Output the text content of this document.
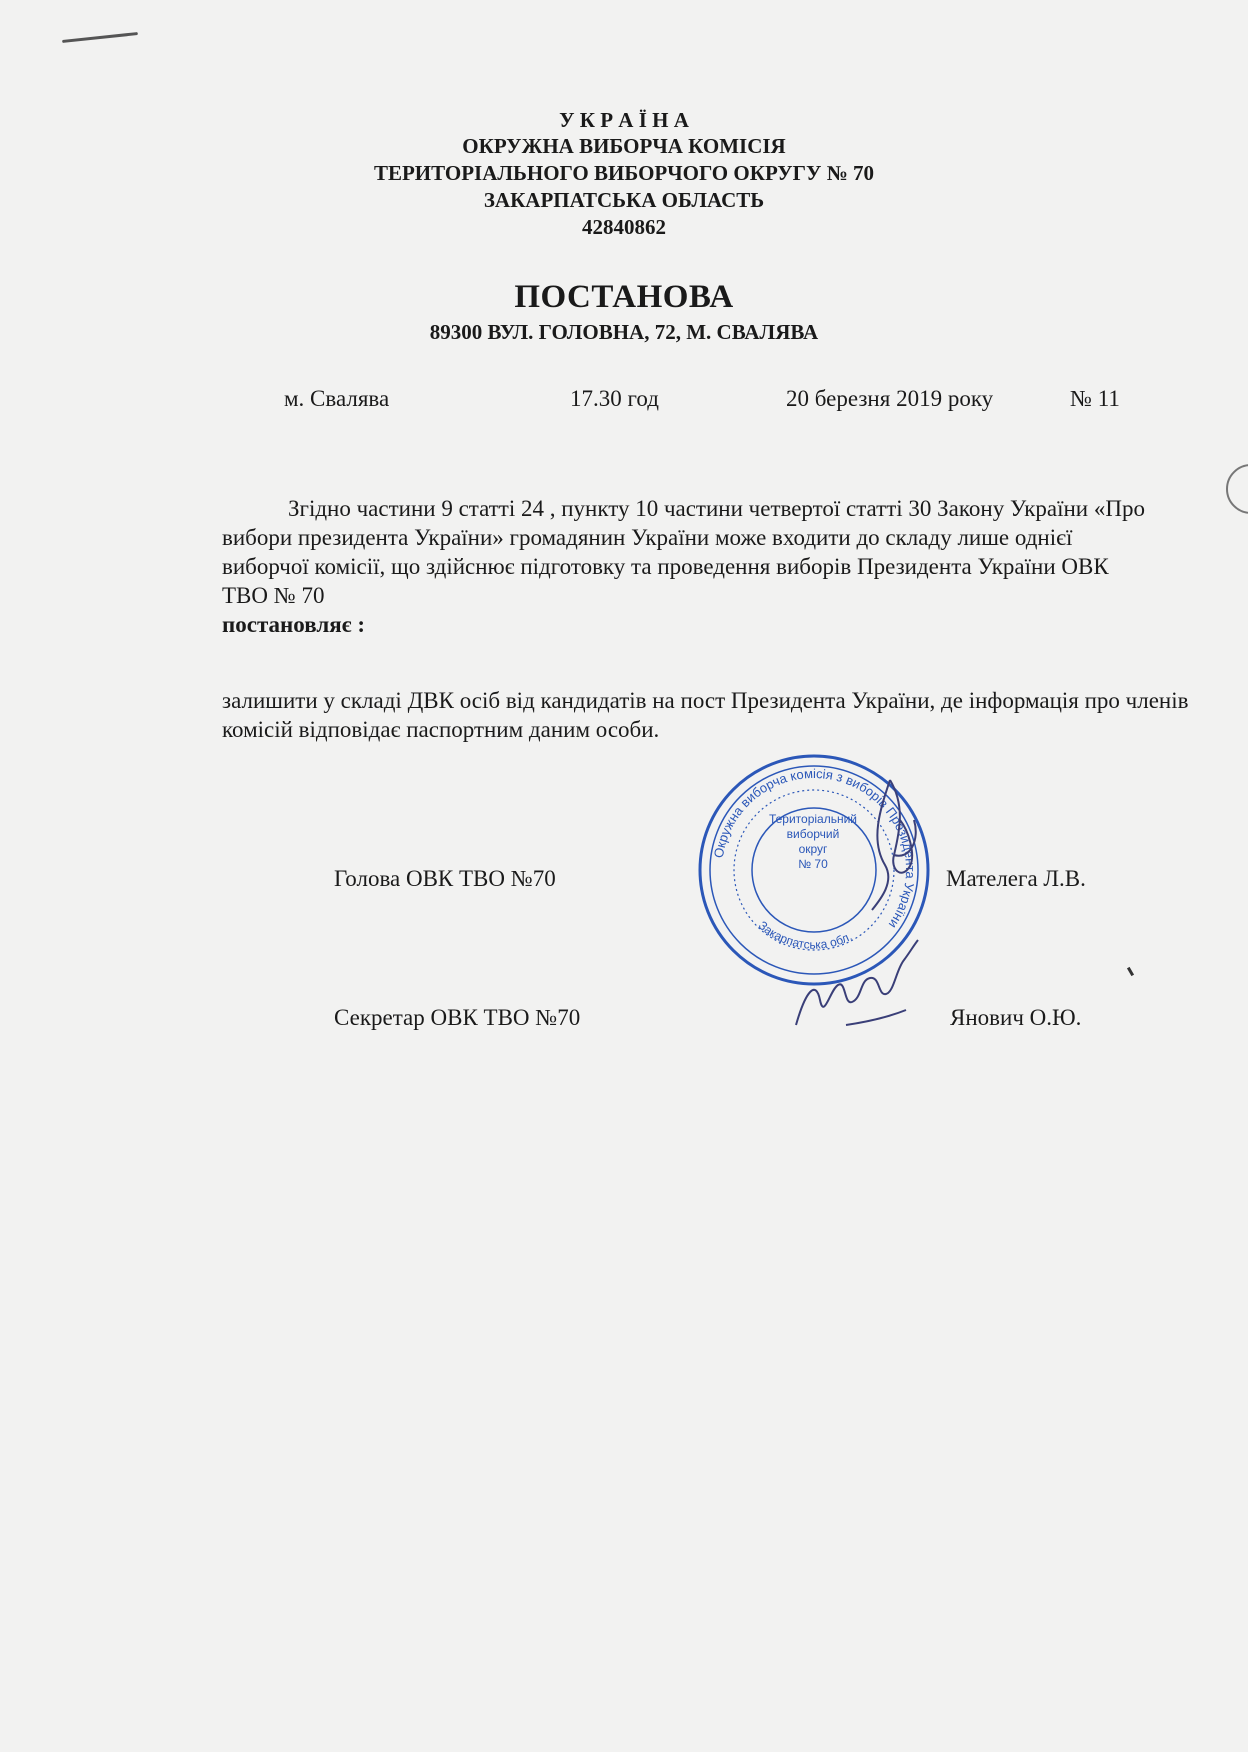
У К Р А Ї Н А
ОКРУЖНА ВИБОРЧА КОМІСІЯ
ТЕРИТОРІАЛЬНОГО ВИБОРЧОГО ОКРУГУ № 70
ЗАКАРПАТСЬКА ОБЛАСТЬ
42840862
ПОСТАНОВА
89300 ВУЛ. ГОЛОВНА, 72, М. СВАЛЯВА
м. Свалява	17.30 год	20 березня 2019 року	№ 11

Згідно частини 9 статті 24 , пункту 10 частини четвертої статті 30 Закону України «Про вибори президента України» громадянин України може входити до складу лише однієї виборчої комісії, що здійснює підготовку та проведення виборів Президента України ОВК ТВО № 70

постановляє :

залишити у складі ДВК осіб від кандидатів на пост Президента України, де інформація про членів комісій відповідає паспортним даним особи.

Голова ОВК ТВО №70	Мателега Л.В.
Секретар ОВК ТВО №70	Янович О.Ю.
Окружна виборча комісія з виборів Президента України
Закарпатська обл.
Територіальний
виборчий
округ
№ 70
